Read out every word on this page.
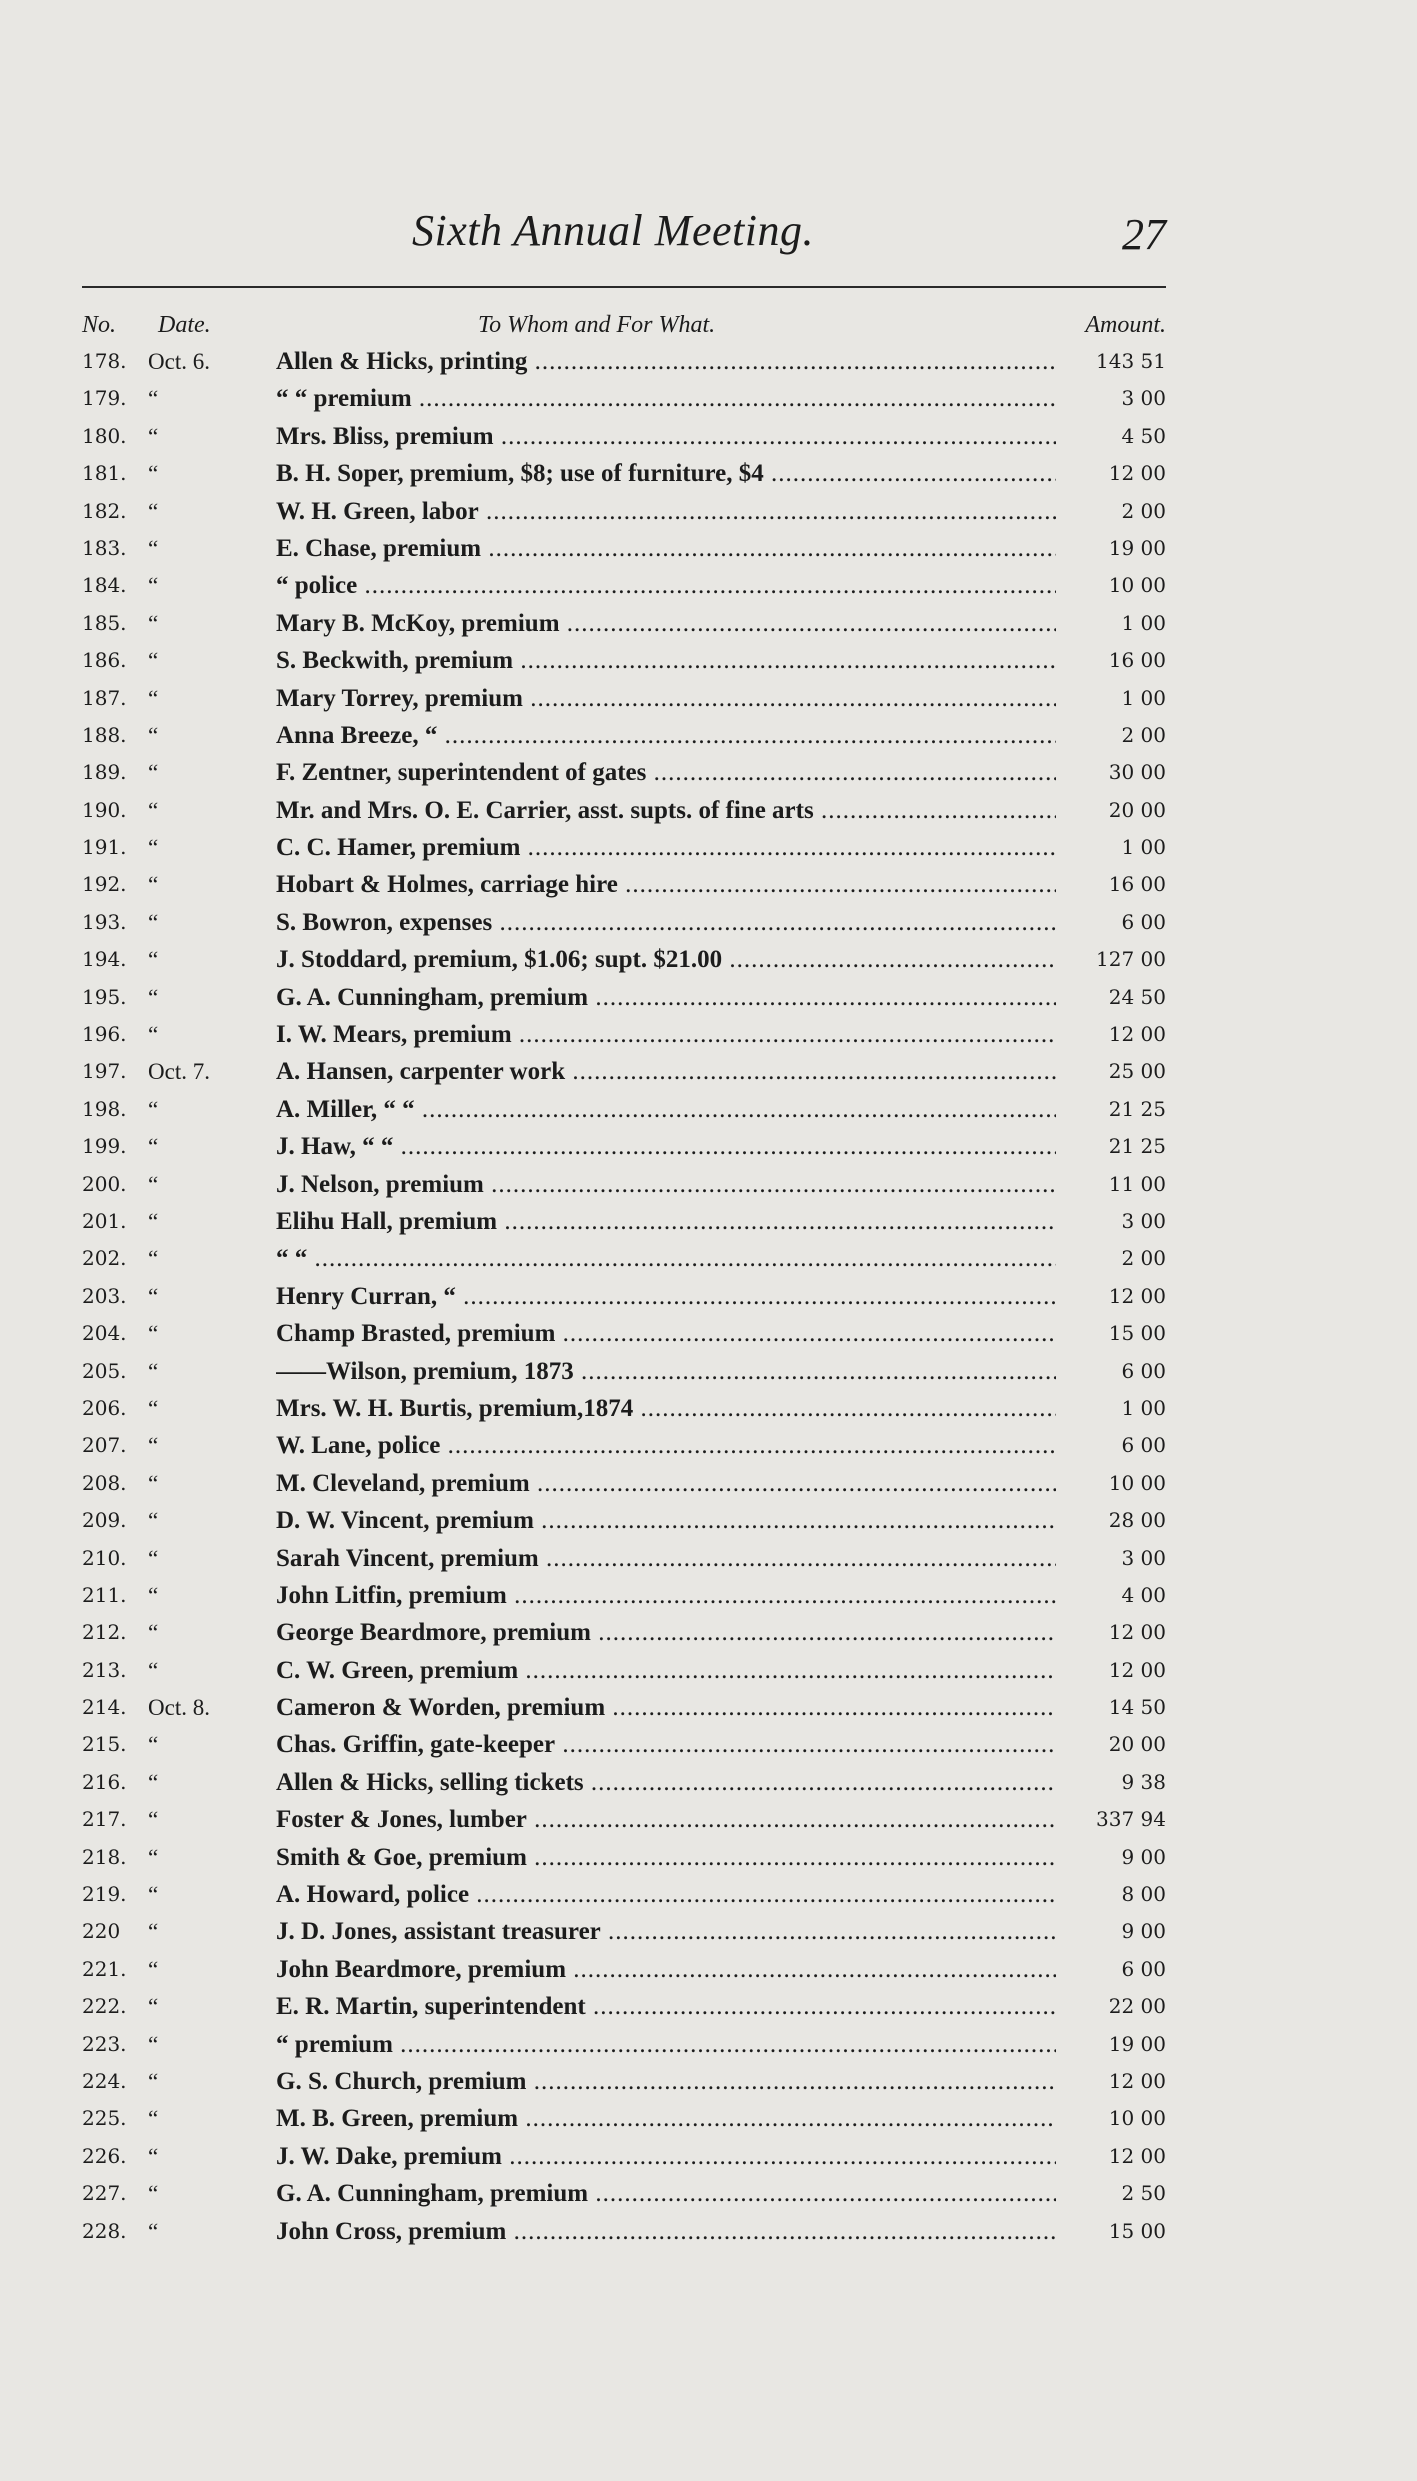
Sixth Annual Meeting.	27
No. Date.	To Whom and For What.	Amount.
178. Oct. 6.	Allen & Hicks, printing .....	143 51
179. “	“ “ premium .....	3 00
180. “	Mrs. Bliss, premium .....	4 50
181. “	B. H. Soper, premium, $8; use of furniture, $4 .....	12 00
182. “	W. H. Green, labor .....	2 00
183. “	E. Chase, premium .....	19 00
184. “	“ police .....	10 00
185. “	Mary B. McKoy, premium .....	1 00
186. “	S. Beckwith, premium .....	16 00
187. “	Mary Torrey, premium .....	1 00
188. “	Anna Breeze, “ .....	2 00
189. “	F. Zentner, superintendent of gates .....	30 00
190. “	Mr. and Mrs. O. E. Carrier, asst. supts. of fine arts .....	20 00
191. “	C. C. Hamer, premium .....	1 00
192. “	Hobart & Holmes, carriage hire .....	16 00
193. “	S. Bowron, expenses .....	6 00
194. “	J. Stoddard, premium, $1.06; supt. $21.00 .....	127 00
195. “	G. A. Cunningham, premium .....	24 50
196. “	I. W. Mears, premium .....	12 00
197. Oct. 7.	A. Hansen, carpenter work .....	25 00
198. “	A. Miller, “ “ .....	21 25
199. “	J. Haw, “ “ .....	21 25
200. “	J. Nelson, premium .....	11 00
201. “	Elihu Hall, premium .....	3 00
202. “	“ “ .....	2 00
203. “	Henry Curran, “ .....	12 00
204. “	Champ Brasted, premium .....	15 00
205. “	——Wilson, premium, 1873 .....	6 00
206. “	Mrs. W. H. Burtis, premium,1874 .....	1 00
207. “	W. Lane, police .....	6 00
208. “	M. Cleveland, premium .....	10 00
209. “	D. W. Vincent, premium .....	28 00
210. “	Sarah Vincent, premium .....	3 00
211. “	John Litfin, premium .....	4 00
212. “	George Beardmore, premium .....	12 00
213. “	C. W. Green, premium .....	12 00
214. Oct. 8.	Cameron & Worden, premium .....	14 50
215. “	Chas. Griffin, gate-keeper .....	20 00
216. “	Allen & Hicks, selling tickets .....	9 38
217. “	Foster & Jones, lumber .....	337 94
218. “	Smith & Goe, premium .....	9 00
219. “	A. Howard, police .....	8 00
220	“	J. D. Jones, assistant treasurer .....	9 00
221. “	John Beardmore, premium .....	6 00
222. “	E. R. Martin, superintendent .....	22 00
223. “	“ premium .....	19 00
224. “	G. S. Church, premium .....	12 00
225. “	M. B. Green, premium .....	10 00
226. “	J. W. Dake, premium .....	12 00
227. “	G. A. Cunningham, premium .....	2 50
228. “	John Cross, premium .....	15 00
